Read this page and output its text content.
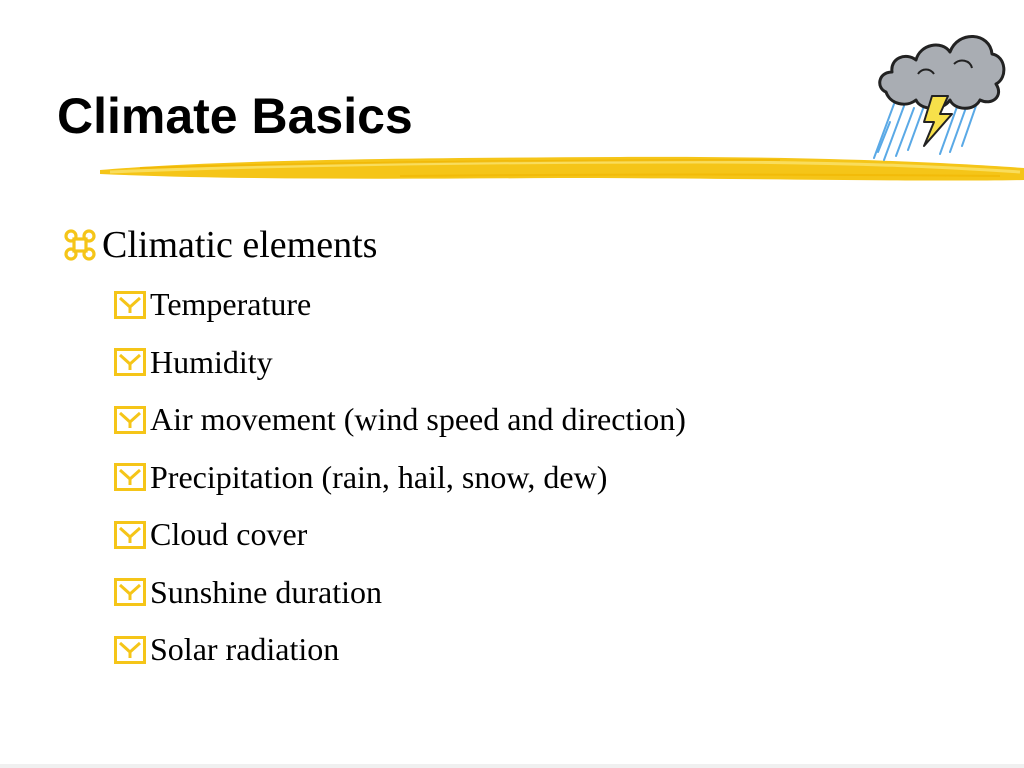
Climate Basics
Climatic elements
Temperature
Humidity
Air movement (wind speed and direction)
Precipitation (rain, hail, snow, dew)
Cloud cover
Sunshine duration
Solar radiation
